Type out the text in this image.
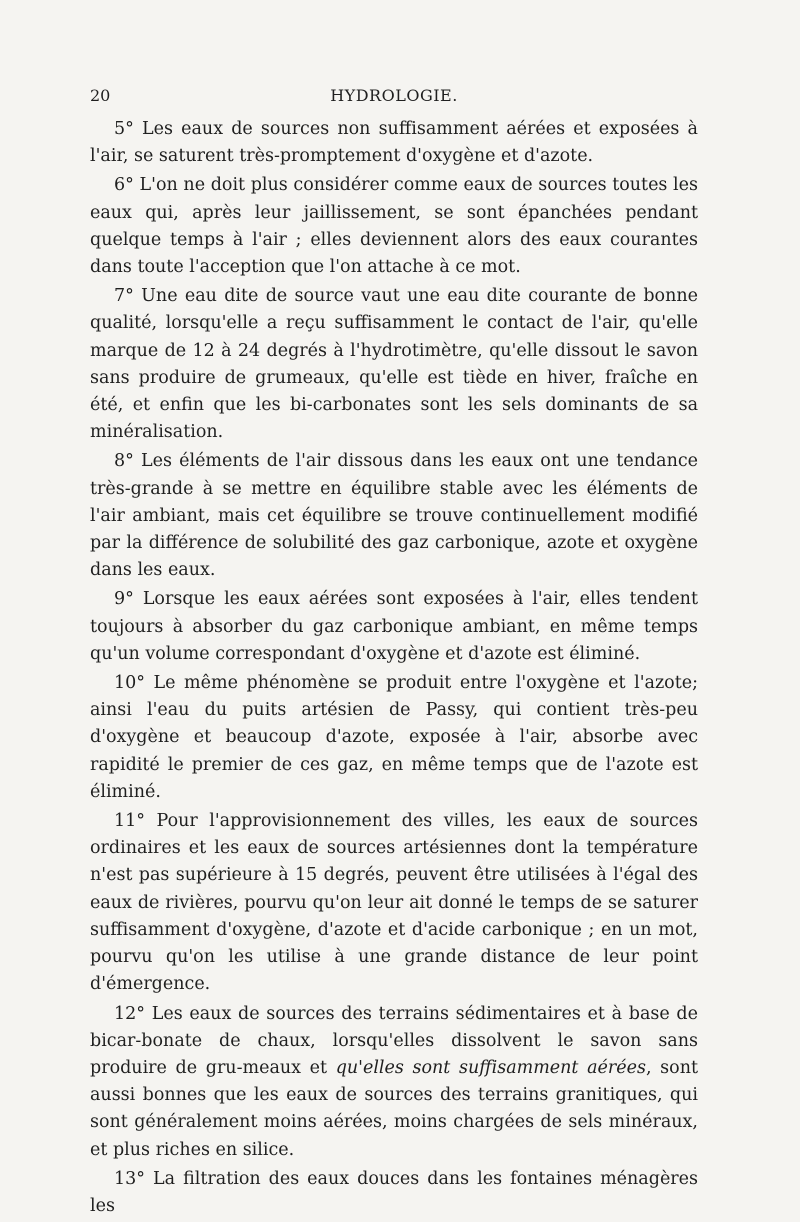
20	HYDROLOGIE.

5° Les eaux de sources non suffisamment aérées et exposées à l'air, se saturent très-promptement d'oxygène et d'azote.

6° L'on ne doit plus considérer comme eaux de sources toutes les eaux qui, après leur jaillissement, se sont épanchées pendant quelque temps à l'air ; elles deviennent alors des eaux courantes dans toute l'acception que l'on attache à ce mot.

7° Une eau dite de source vaut une eau dite courante de bonne qualité, lorsqu'elle a reçu suffisamment le contact de l'air, qu'elle marque de 12 à 24 degrés à l'hydrotimètre, qu'elle dissout le savon sans produire de grumeaux, qu'elle est tiède en hiver, fraîche en été, et enfin que les bi-carbonates sont les sels dominants de sa minéralisation.

8° Les éléments de l'air dissous dans les eaux ont une tendance très-grande à se mettre en équilibre stable avec les éléments de l'air ambiant, mais cet équilibre se trouve continuellement modifié par la différence de solubilité des gaz carbonique, azote et oxygène dans les eaux.

9° Lorsque les eaux aérées sont exposées à l'air, elles tendent toujours à absorber du gaz carbonique ambiant, en même temps qu'un volume correspondant d'oxygène et d'azote est éliminé.

10° Le même phénomène se produit entre l'oxygène et l'azote; ainsi l'eau du puits artésien de Passy, qui contient très-peu d'oxygène et beaucoup d'azote, exposée à l'air, absorbe avec rapidité le premier de ces gaz, en même temps que de l'azote est éliminé.

11° Pour l'approvisionnement des villes, les eaux de sources ordinaires et les eaux de sources artésiennes dont la température n'est pas supérieure à 15 degrés, peuvent être utilisées à l'égal des eaux de rivières, pourvu qu'on leur ait donné le temps de se saturer suffisamment d'oxygène, d'azote et d'acide carbonique ; en un mot, pourvu qu'on les utilise à une grande distance de leur point d'émergence.

12° Les eaux de sources des terrains sédimentaires et à base de bicar-bonate de chaux, lorsqu'elles dissolvent le savon sans produire de gru-meaux et qu'elles sont suffisamment aérées, sont aussi bonnes que les eaux de sources des terrains granitiques, qui sont généralement moins aérées, moins chargées de sels minéraux, et plus riches en silice.

13° La filtration des eaux douces dans les fontaines ménagères les
